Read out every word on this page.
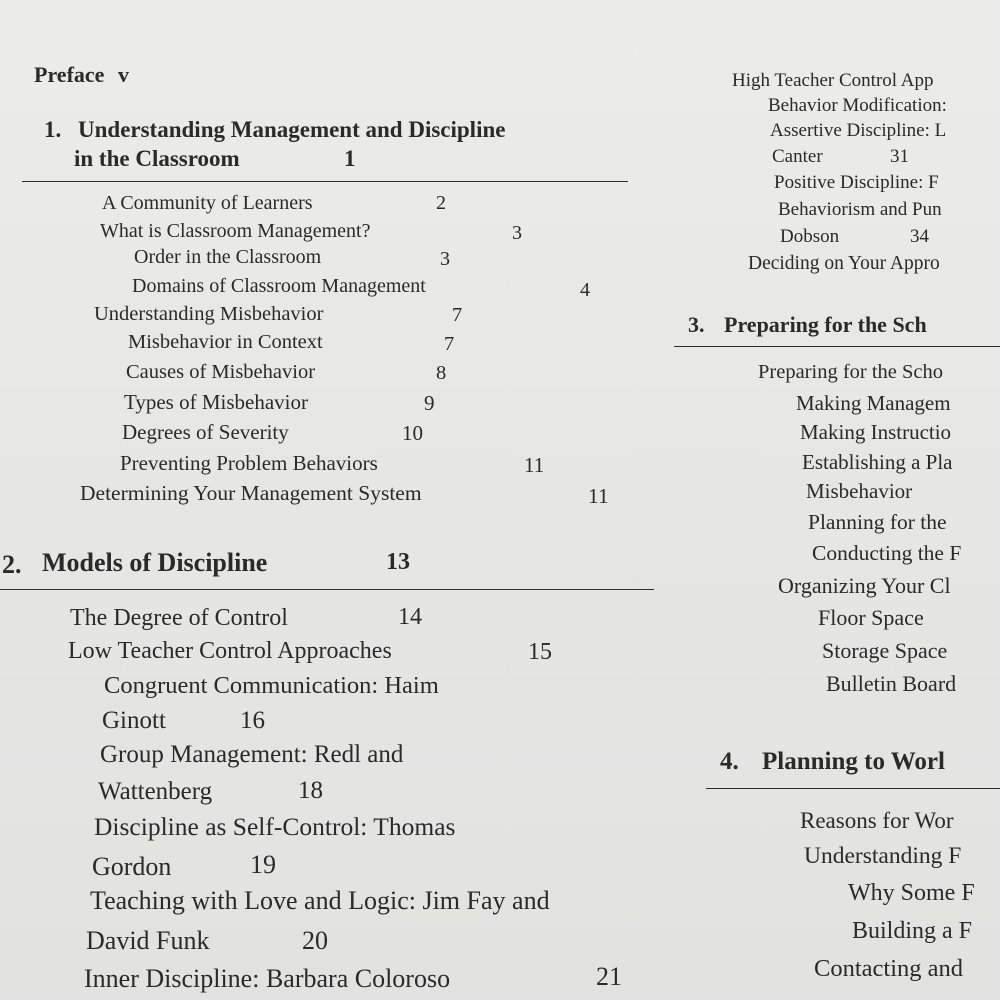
Preface v
1. Understanding Management and Discipline
in the Classroom	1
A Community of Learners	2
What is Classroom Management?	3
Order in the Classroom	3
Domains of Classroom Management	4
Understanding Misbehavior	7
Misbehavior in Context	7
Causes of Misbehavior	8
Types of Misbehavior	9
Degrees of Severity	10
Preventing Problem Behaviors	11
Determining Your Management System	11
2. Models of Discipline	13
The Degree of Control	14
Low Teacher Control Approaches	15
Congruent Communication: Haim
Ginott	16
Group Management: Redl and
Wattenberg	18
Discipline as Self-Control: Thomas
Gordon	19
Teaching with Love and Logic: Jim Fay and
David Funk	20
Inner Discipline: Barbara Coloroso	21
High Teacher Control App
Behavior Modification:
Assertive Discipline: L
Canter	31
Positive Discipline: F
Behaviorism and Pun
Dobson	34
Deciding on Your Appro
3. Preparing for the Sch
Preparing for the Scho
Making Managem
Making Instructio
Establishing a Pla
Misbehavior
Planning for the
Conducting the F
Organizing Your Cl
Floor Space
Storage Space
Bulletin Board
4. Planning to Worl
Reasons for Wor
Understanding F
Why Some F
Building a F
Contacting and
